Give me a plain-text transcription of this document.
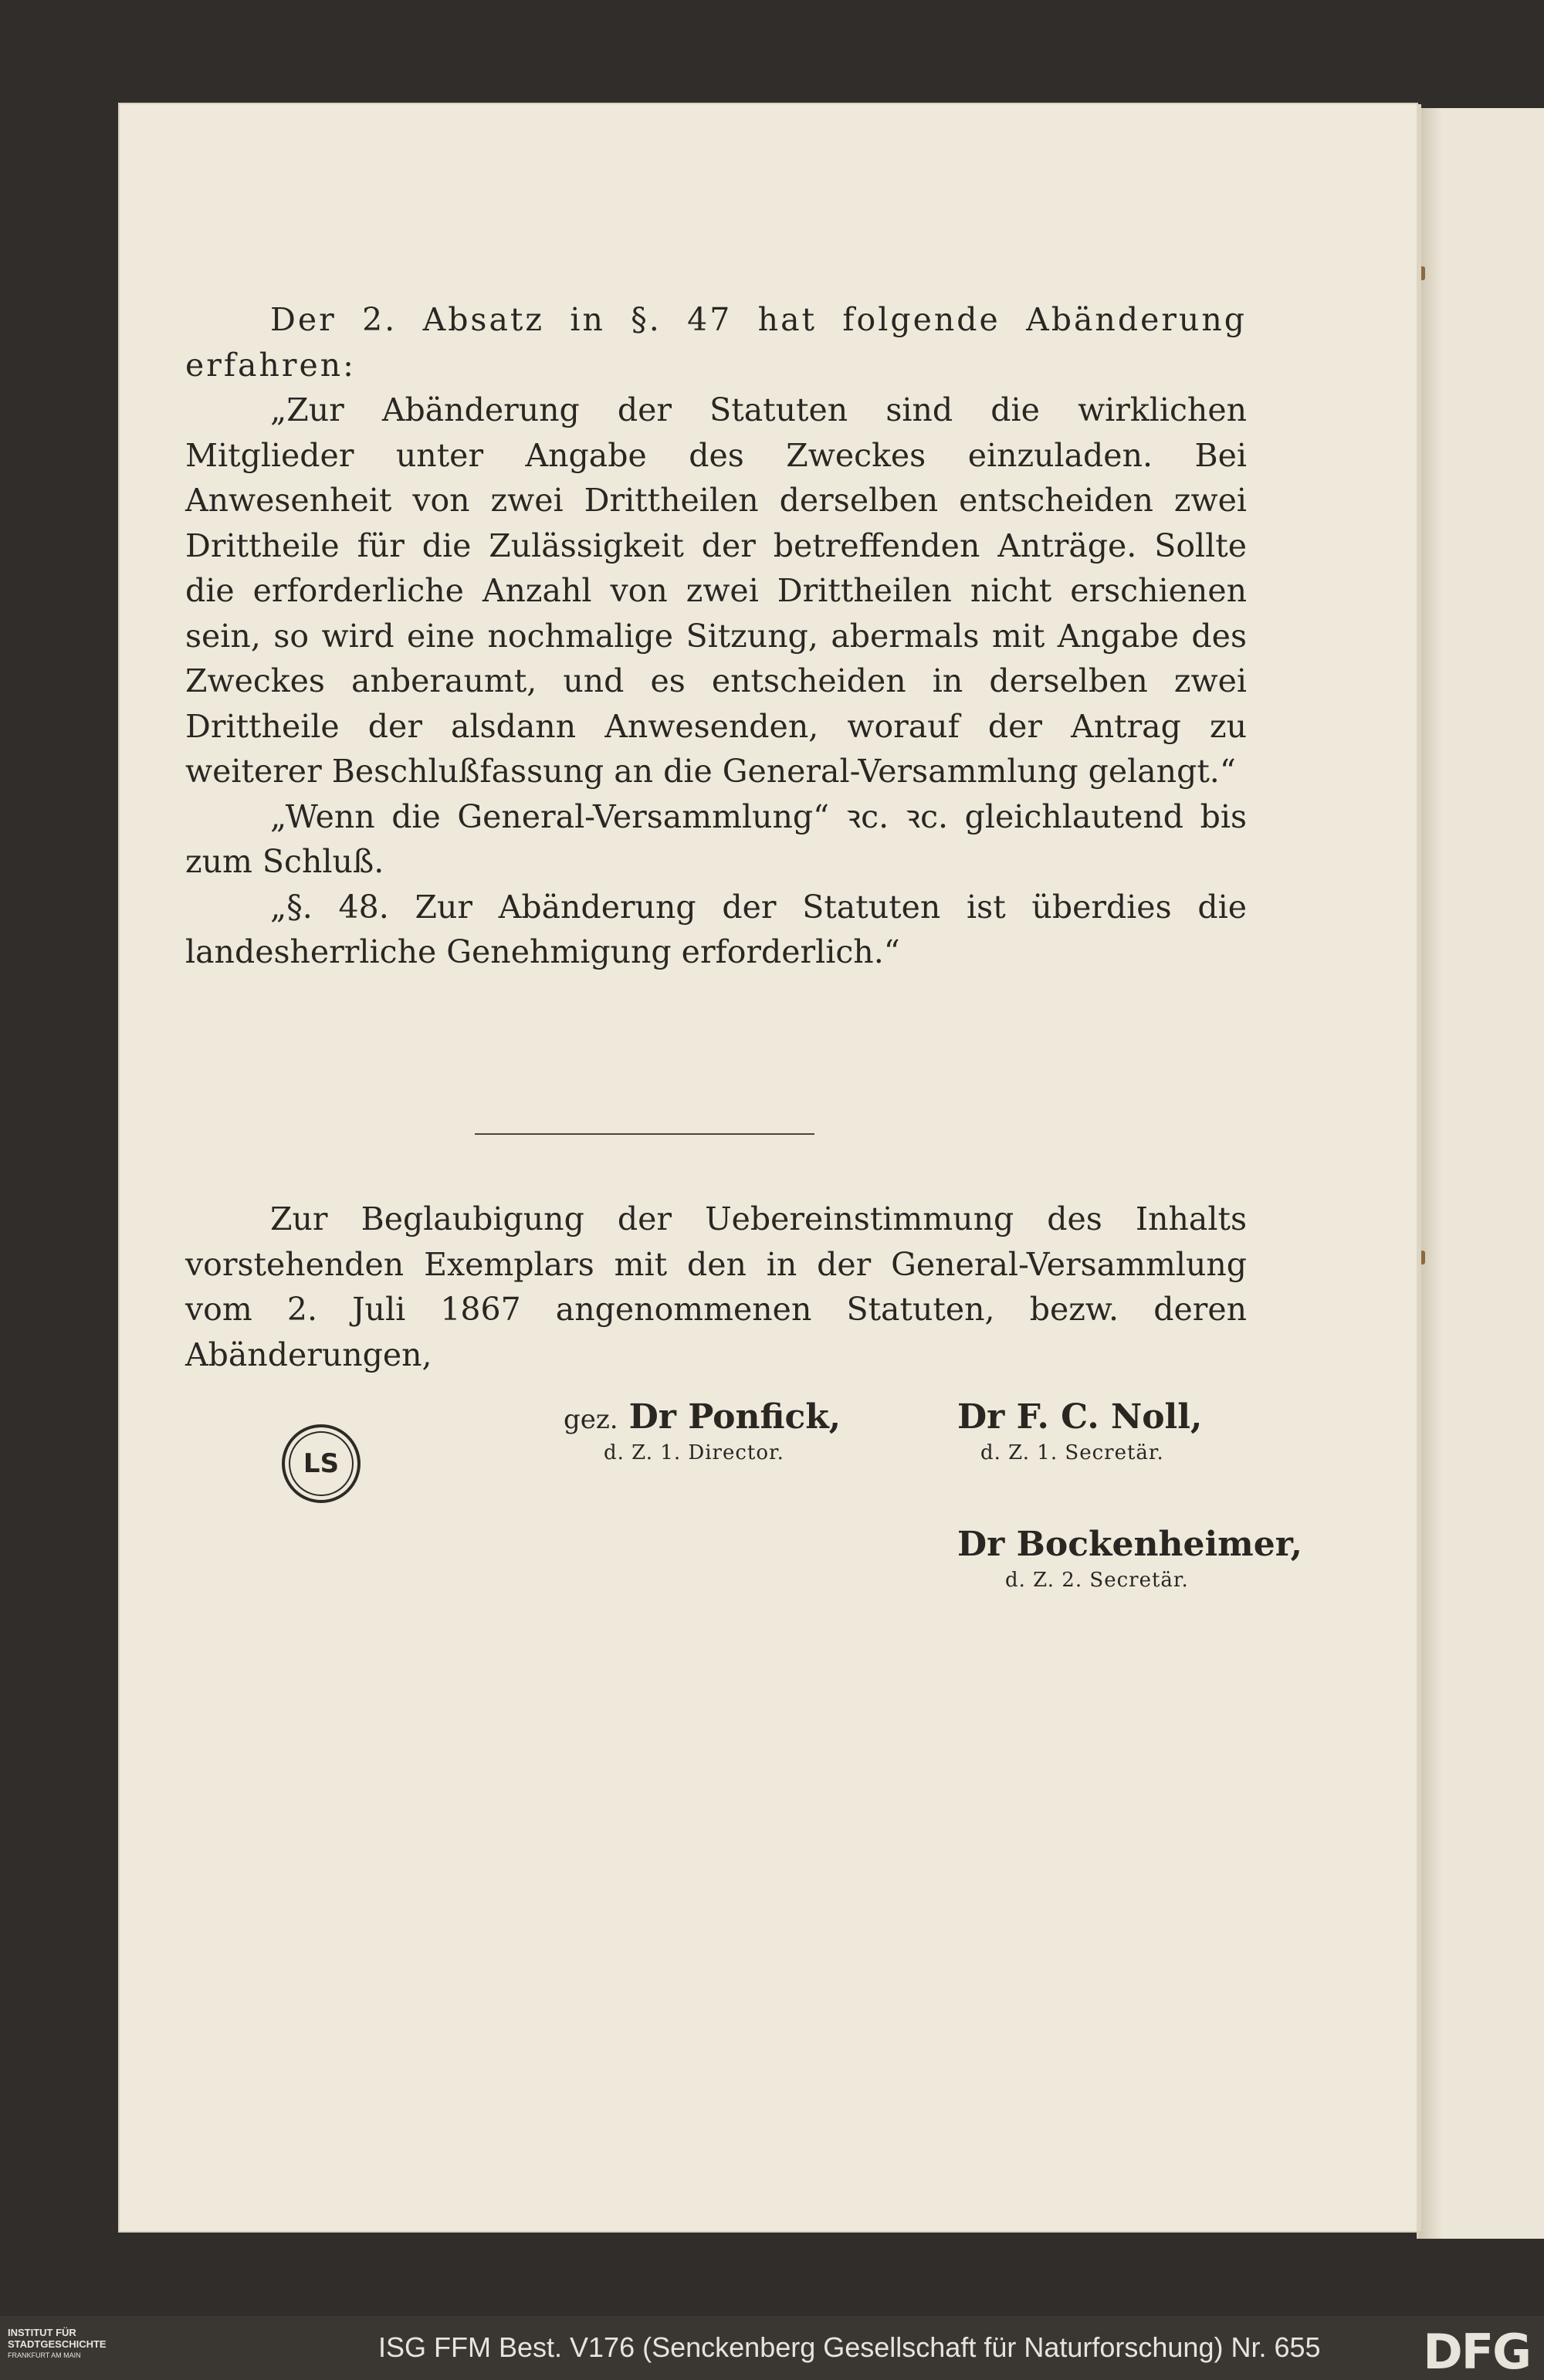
Der 2. Absatz in §. 47 hat folgende Abänderung erfahren:

„Zur Abänderung der Statuten sind die wirklichen Mitglieder unter Angabe des Zweckes einzuladen. Bei Anwesenheit von zwei Drittheilen derselben entscheiden zwei Drittheile für die Zulässigkeit der betreffenden Anträge. Sollte die erforderliche Anzahl von zwei Drittheilen nicht erschienen sein, so wird eine nochmalige Sitzung, abermals mit Angabe des Zweckes anberaumt, und es entscheiden in derselben zwei Drittheile der alsdann Anwesenden, worauf der Antrag zu weiterer Beschlußfassung an die General-Versammlung gelangt.“

„Wenn die General-Versammlung“ ꝛc. ꝛc. gleichlautend bis zum Schluß.

„§. 48. Zur Abänderung der Statuten ist überdies die landesherrliche Genehmigung erforderlich.“

Zur Beglaubigung der Uebereinstimmung des Inhalts vorstehenden Exemplars mit den in der General-Versammlung vom 2. Juli 1867 angenommenen Statuten, bezw. deren Abänderungen,

LS
gez. Dr Ponfick,
d. Z. 1. Director.
Dr F. C. Noll,
d. Z. 1. Secretär.
Dr Bockenheimer,
d. Z. 2. Secretär.
INSTITUT FÜR
STADTGESCHICHTE
FRANKFURT AM MAIN	ISG FFM Best. V176 (Senckenberg Gesellschaft für Naturforschung) Nr. 655 DFG
